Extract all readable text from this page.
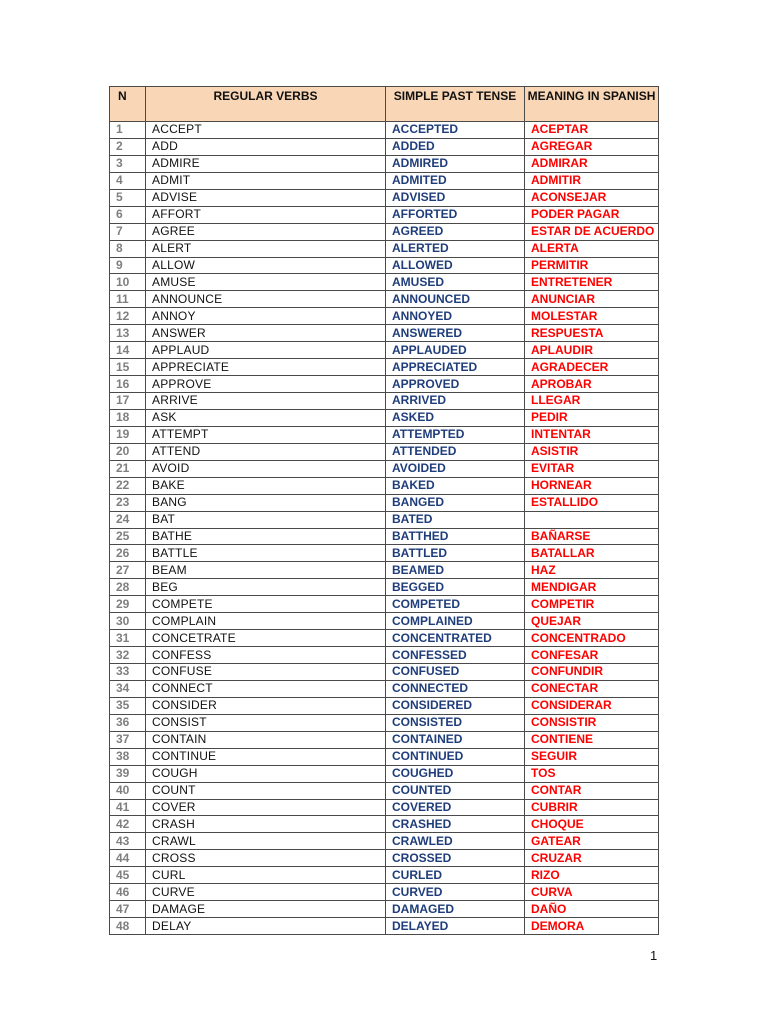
N	REGULAR VERBS	SIMPLE PAST TENSE	MEANING IN SPANISH
1	ACCEPT	ACCEPTED	ACEPTAR
2	ADD	ADDED	AGREGAR
3	ADMIRE	ADMIRED	ADMIRAR
4	ADMIT	ADMITED	ADMITIR
5	ADVISE	ADVISED	ACONSEJAR
6	AFFORT	AFFORTED	PODER PAGAR
7	AGREE	AGREED	ESTAR DE ACUERDO
8	ALERT	ALERTED	ALERTA
9	ALLOW	ALLOWED	PERMITIR
10	AMUSE	AMUSED	ENTRETENER
11	ANNOUNCE	ANNOUNCED	ANUNCIAR
12	ANNOY	ANNOYED	MOLESTAR
13	ANSWER	ANSWERED	RESPUESTA
14	APPLAUD	APPLAUDED	APLAUDIR
15	APPRECIATE	APPRECIATED	AGRADECER
16	APPROVE	APPROVED	APROBAR
17	ARRIVE	ARRIVED	LLEGAR
18	ASK	ASKED	PEDIR
19	ATTEMPT	ATTEMPTED	INTENTAR
20	ATTEND	ATTENDED	ASISTIR
21	AVOID	AVOIDED	EVITAR
22	BAKE	BAKED	HORNEAR
23	BANG	BANGED	ESTALLIDO
24	BAT	BATED	
25	BATHE	BATTHED	BAÑARSE
26	BATTLE	BATTLED	BATALLAR
27	BEAM	BEAMED	HAZ
28	BEG	BEGGED	MENDIGAR
29	COMPETE	COMPETED	COMPETIR
30	COMPLAIN	COMPLAINED	QUEJAR
31	CONCETRATE	CONCENTRATED	CONCENTRADO
32	CONFESS	CONFESSED	CONFESAR
33	CONFUSE	CONFUSED	CONFUNDIR
34	CONNECT	CONNECTED	CONECTAR
35	CONSIDER	CONSIDERED	CONSIDERAR
36	CONSIST	CONSISTED	CONSISTIR
37	CONTAIN	CONTAINED	CONTIENE
38	CONTINUE	CONTINUED	SEGUIR
39	COUGH	COUGHED	TOS
40	COUNT	COUNTED	CONTAR
41	COVER	COVERED	CUBRIR
42	CRASH	CRASHED	CHOQUE
43	CRAWL	CRAWLED	GATEAR
44	CROSS	CROSSED	CRUZAR
45	CURL	CURLED	RIZO
46	CURVE	CURVED	CURVA
47	DAMAGE	DAMAGED	DAÑO
48	DELAY	DELAYED	DEMORA
1
